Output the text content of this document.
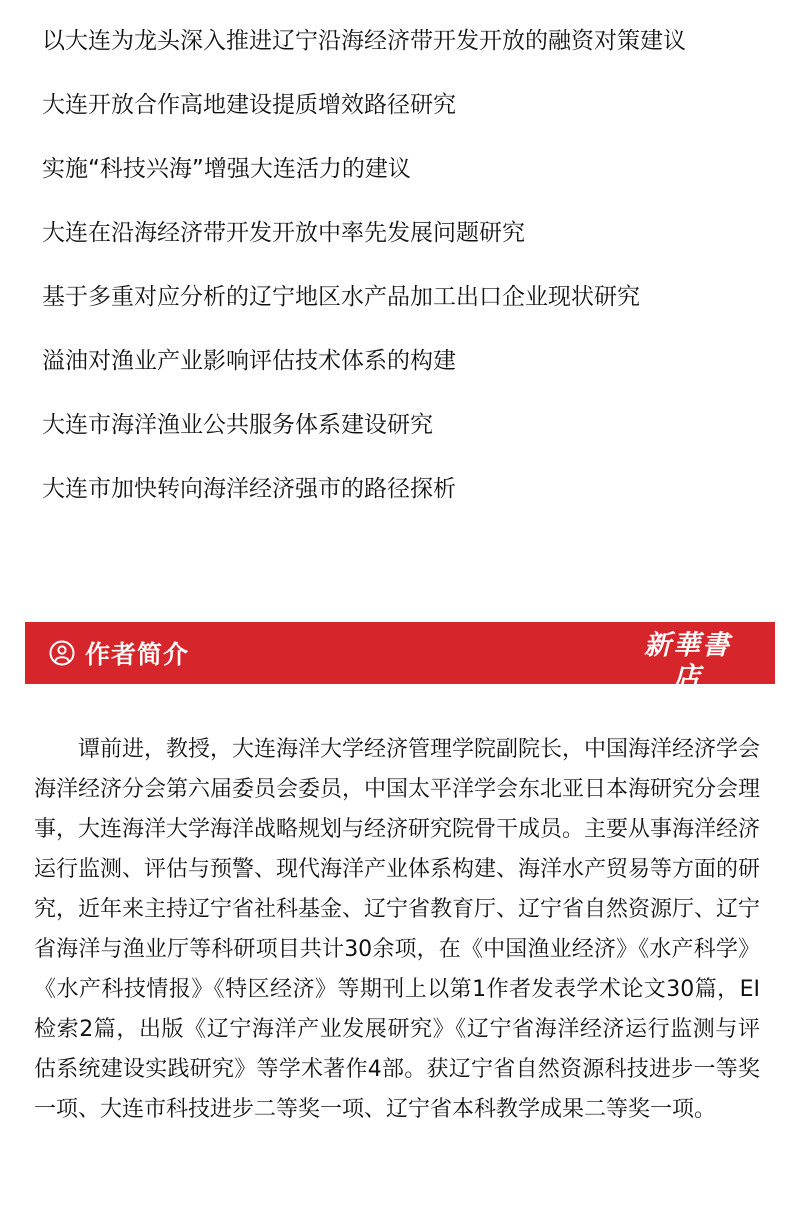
以大连为龙头深入推进辽宁沿海经济带开发开放的融资对策建议
大连开放合作高地建设提质增效路径研究
实施“科技兴海”增强大连活力的建议
大连在沿海经济带开发开放中率先发展问题研究
基于多重对应分析的辽宁地区水产品加工出口企业现状研究
溢油对渔业产业影响评估技术体系的构建
大连市海洋渔业公共服务体系建设研究
大连市加快转向海洋经济强市的路径探析
作者简介	新華書店
XINHUA BOOKSTORE

谭前进，教授，大连海洋大学经济管理学院副院长，中国海洋经济学会海洋经济分会第六届委员会委员，中国太平洋学会东北亚日本海研究分会理事，大连海洋大学海洋战略规划与经济研究院骨干成员。主要从事海洋经济运行监测、评估与预警、现代海洋产业体系构建、海洋水产贸易等方面的研究，近年来主持辽宁省社科基金、辽宁省教育厅、辽宁省自然资源厅、辽宁省海洋与渔业厅等科研项目共计30余项，在《中国渔业经济》《水产科学》《水产科技情报》《特区经济》等期刊上以第1作者发表学术论文30篇，EI检索2篇，出版《辽宁海洋产业发展研究》《辽宁省海洋经济运行监测与评估系统建设实践研究》等学术著作4部。获辽宁省自然资源科技进步一等奖一项、大连市科技进步二等奖一项、辽宁省本科教学成果二等奖一项。
